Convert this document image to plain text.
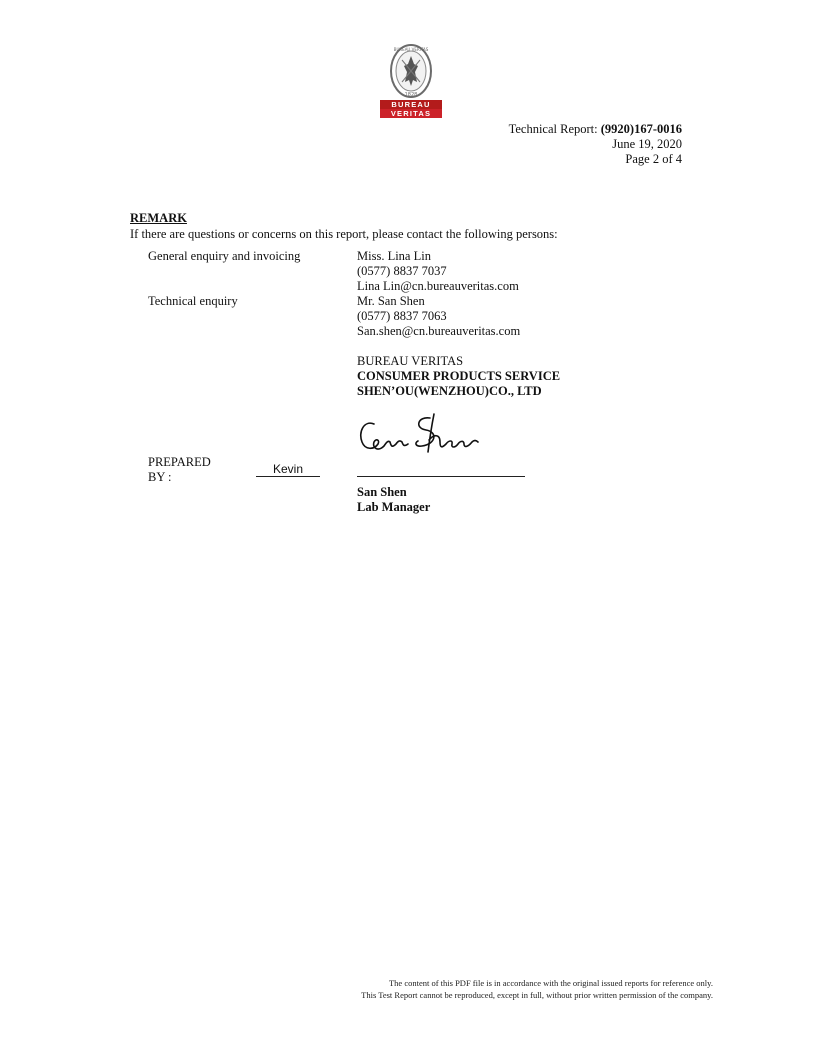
BUREAU VERITAS
1828
BUREAU
VERITAS
Technical Report: (9920)167-0016
June 19, 2020
Page 2 of 4
REMARK
If there are questions or concerns on this report, please contact the following persons:
General enquiry and invoicing
Technical enquiry
Miss. Lina Lin
(0577) 8837 7037
Lina Lin@cn.bureauveritas.com
Mr. San Shen
(0577) 8837 7063
San.shen@cn.bureauveritas.com
BUREAU VERITAS
CONSUMER PRODUCTS SERVICE
SHEN’OU(WENZHOU)CO., LTD
PREPARED BY :
Kevin
San Shen
Lab Manager
The content of this PDF file is in accordance with the original issued reports for reference only.
This Test Report cannot be reproduced, except in full, without prior written permission of the company.
